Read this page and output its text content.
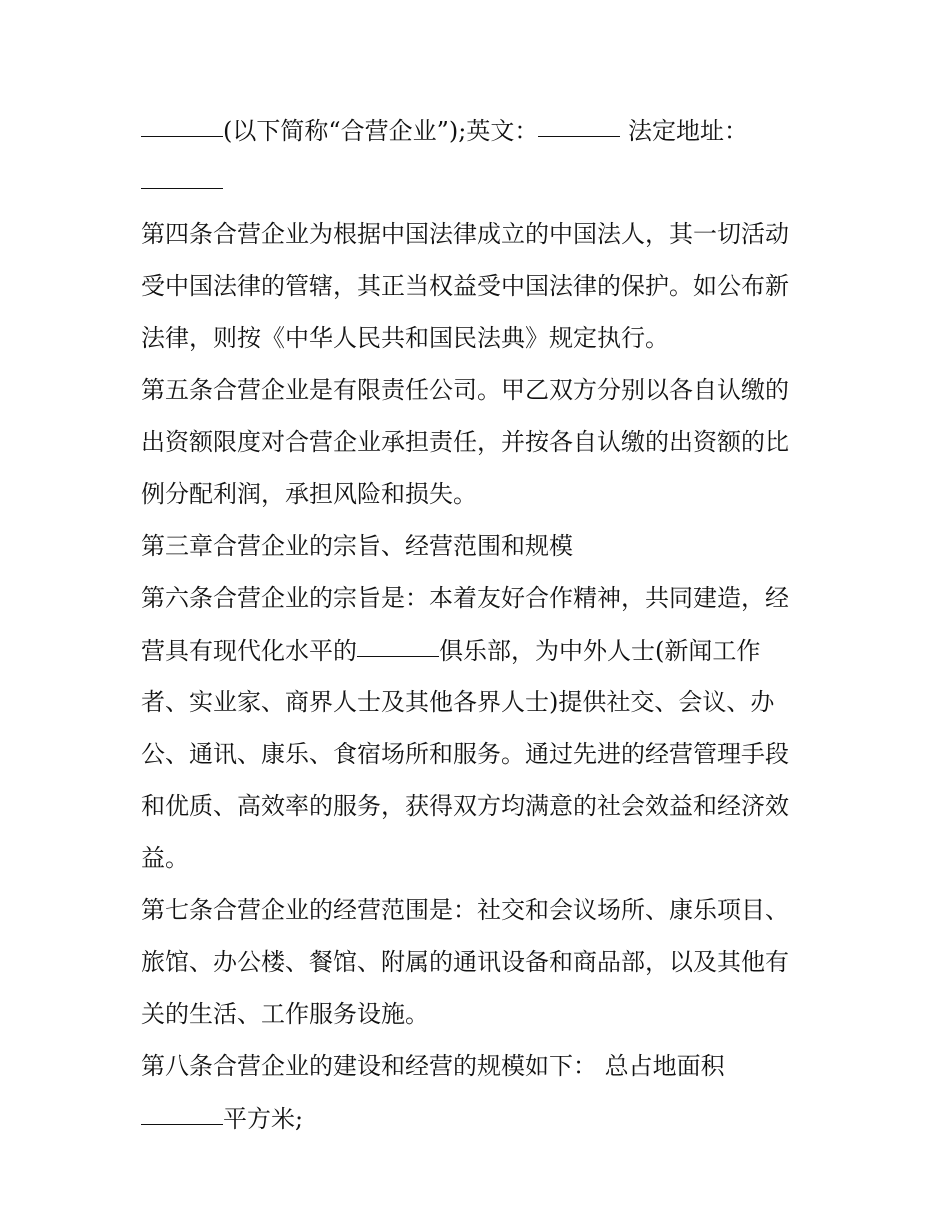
(以下简称“合营企业”);英文：	法定地址：
第四条合营企业为根据中国法律成立的中国法人，其一切活动
受中国法律的管辖，其正当权益受中国法律的保护。如公布新
法律，则按《中华人民共和国民法典》规定执行。
第五条合营企业是有限责任公司。甲乙双方分别以各自认缴的
出资额限度对合营企业承担责任，并按各自认缴的出资额的比
例分配利润，承担风险和损失。
第三章合营企业的宗旨、经营范围和规模
第六条合营企业的宗旨是：本着友好合作精神，共同建造，经
营具有现代化水平的	俱乐部，为中外人士(新闻工作
者、实业家、商界人士及其他各界人士)提供社交、会议、办
公、通讯、康乐、食宿场所和服务。通过先进的经营管理手段
和优质、高效率的服务，获得双方均满意的社会效益和经济效
益。
第七条合营企业的经营范围是：社交和会议场所、康乐项目、
旅馆、办公楼、餐馆、附属的通讯设备和商品部，以及其他有
关的生活、工作服务设施。
第八条合营企业的建设和经营的规模如下： 总占地面积
平方米;
